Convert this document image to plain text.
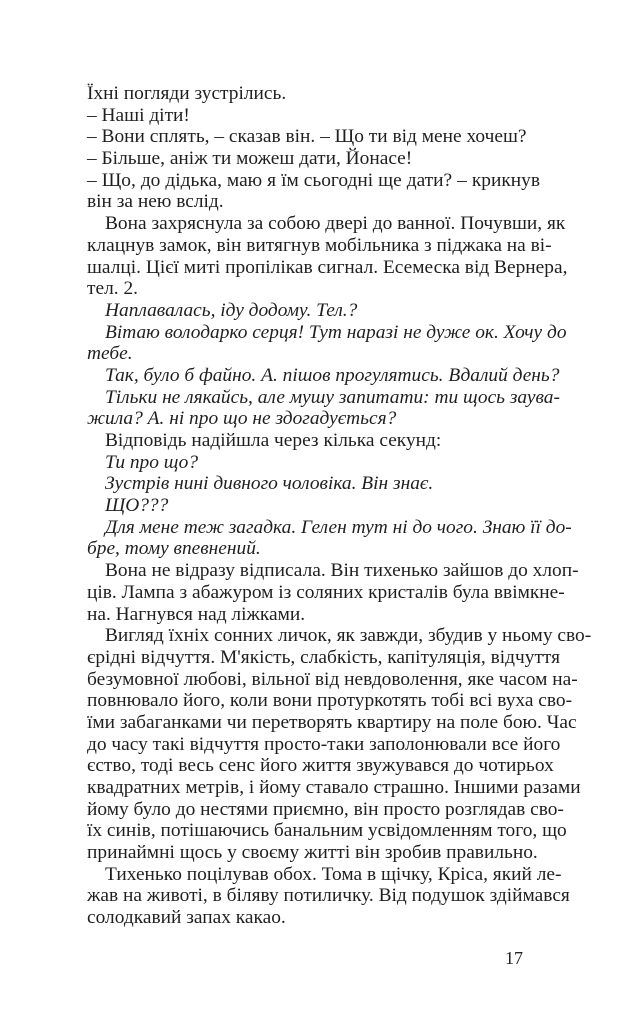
Їхні погляди зустрілись.
– Наші діти!
– Вони сплять, – сказав він. – Що ти від мене хочеш?
– Більше, аніж ти можеш дати, Йонасе!
– Що, до дідька, маю я їм сьогодні ще дати? – крикнув
він за нею вслід.
Вона захряснула за собою двері до ванної. Почувши, як
клацнув замок, він витягнув мобільника з піджака на ві-
шалці. Цієї миті пропілікав сигнал. Есемеска від Вернера,
тел. 2.
Наплавалась, іду додому. Тел.?
Вітаю володарко серця! Тут наразі не дуже ок. Хочу до
тебе.
Так, було б файно. А. пішов прогулятись. Вдалий день?
Тільки не лякайсь, але мушу запитати: ти щось заува-
жила? А. ні про що не здогадується?
Відповідь надійшла через кілька секунд:
Ти про що?
Зустрів нині дивного чоловіка. Він знає.
ЩО???
Для мене теж загадка. Гелен тут ні до чого. Знаю її до-
бре, тому впевнений.
Вона не відразу відписала. Він тихенько зайшов до хлоп-
ців. Лампа з абажуром із соляних кристалів була ввімкне-
на. Нагнувся над ліжками.
Вигляд їхніх сонних личок, як завжди, збудив у ньому сво-
єрідні відчуття. М'якість, слабкість, капітуляція, відчуття
безумовної любові, вільної від невдоволення, яке часом на-
повнювало його, коли вони протуркотять тобі всі вуха сво-
їми забаганками чи перетворять квартиру на поле бою. Час
до часу такі відчуття просто-таки заполонювали все його
єство, тоді весь сенс його життя звужувався до чотирьох
квадратних метрів, і йому ставало страшно. Іншими разами
йому було до нестями приємно, він просто розглядав сво-
їх синів, потішаючись банальним усвідомленням того, що
принаймні щось у своєму житті він зробив правильно.
Тихенько поцілував обох. Тома в щічку, Кріса, який ле-
жав на животі, в біляву потиличку. Від подушок здіймався
солодкавий запах какао.
17
